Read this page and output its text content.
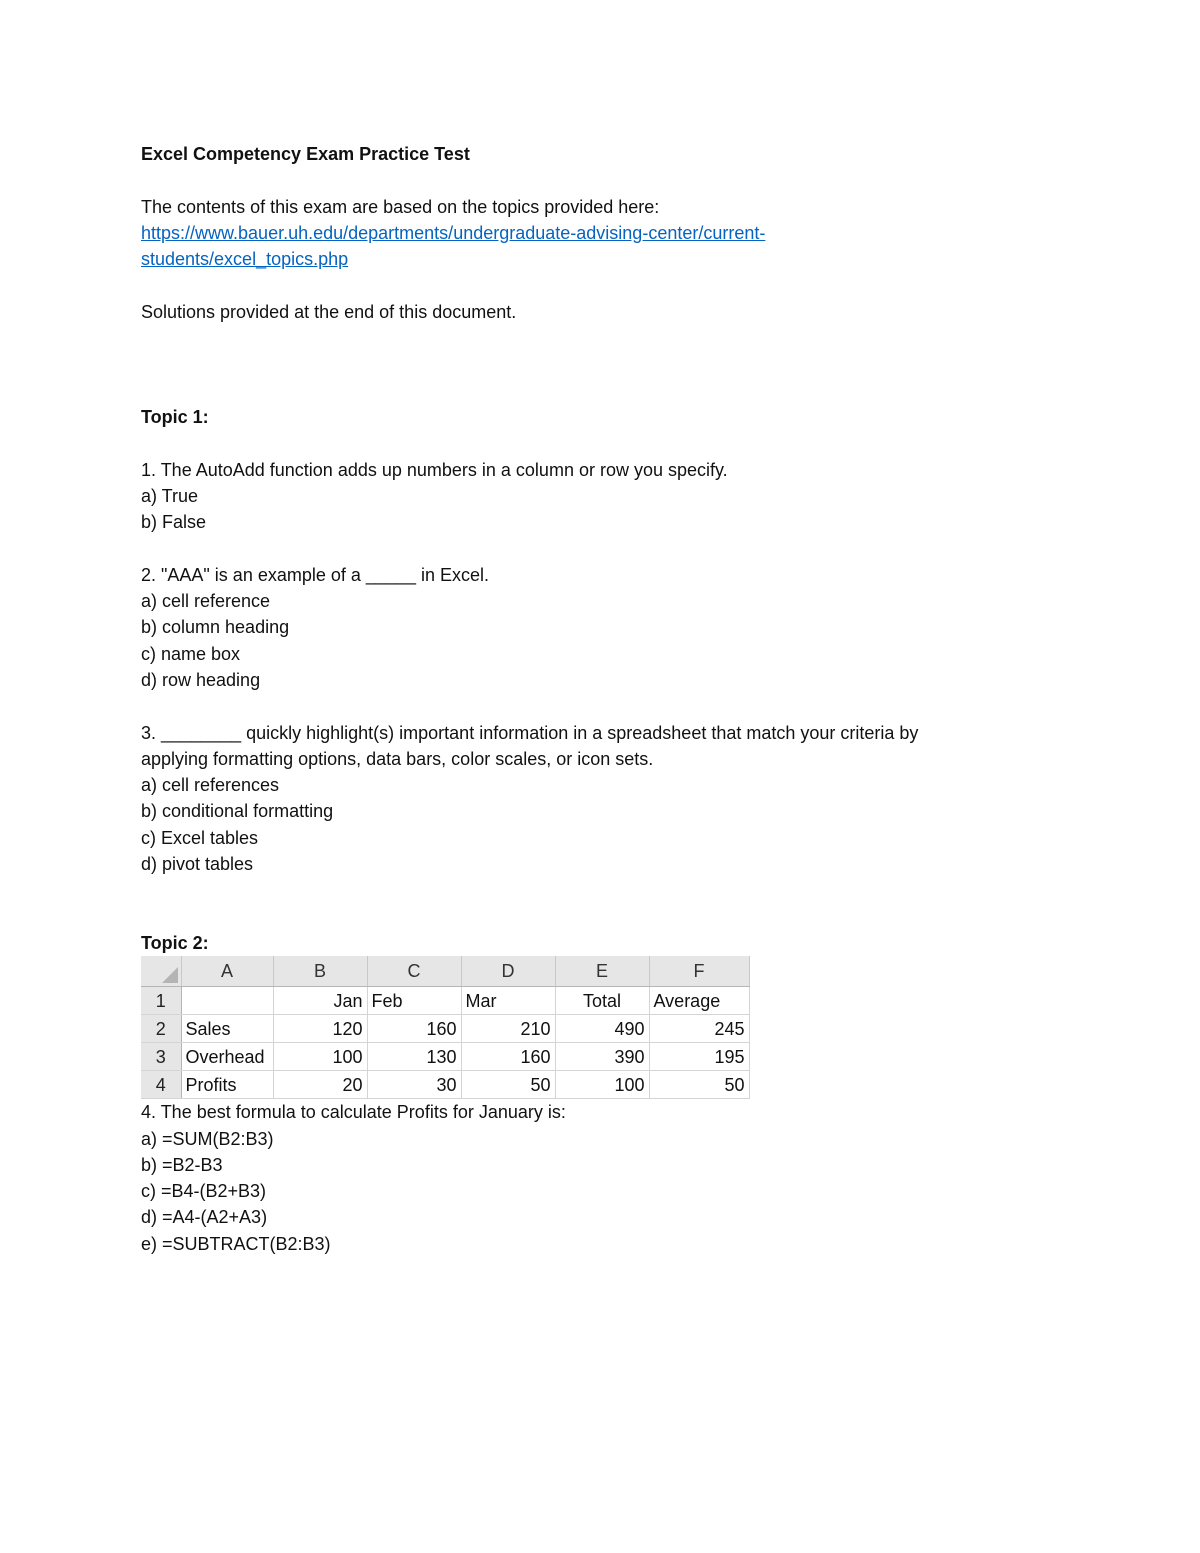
Excel Competency Exam Practice Test
The contents of this exam are based on the topics provided here:
https://www.bauer.uh.edu/departments/undergraduate-advising-center/current-
students/excel_topics.php
Solutions provided at the end of this document.
Topic 1:
1. The AutoAdd function adds up numbers in a column or row you specify.
a) True
b) False
2. "AAA" is an example of a _____ in Excel.
a) cell reference
b) column heading
c) name box
d) row heading
3. ________ quickly highlight(s) important information in a spreadsheet that match your criteria by
applying formatting options, data bars, color scales, or icon sets.
a) cell references
b) conditional formatting
c) Excel tables
d) pivot tables
Topic 2:
	A	B	C	D	E	F
1		Jan	Feb	Mar	Total	Average
2	Sales	120	160	210	490	245
3	Overhead	100	130	160	390	195
4	Profits	20	30	50	100	50
4. The best formula to calculate Profits for January is:
a) =SUM(B2:B3)
b) =B2-B3
c) =B4-(B2+B3)
d) =A4-(A2+A3)
e) =SUBTRACT(B2:B3)
